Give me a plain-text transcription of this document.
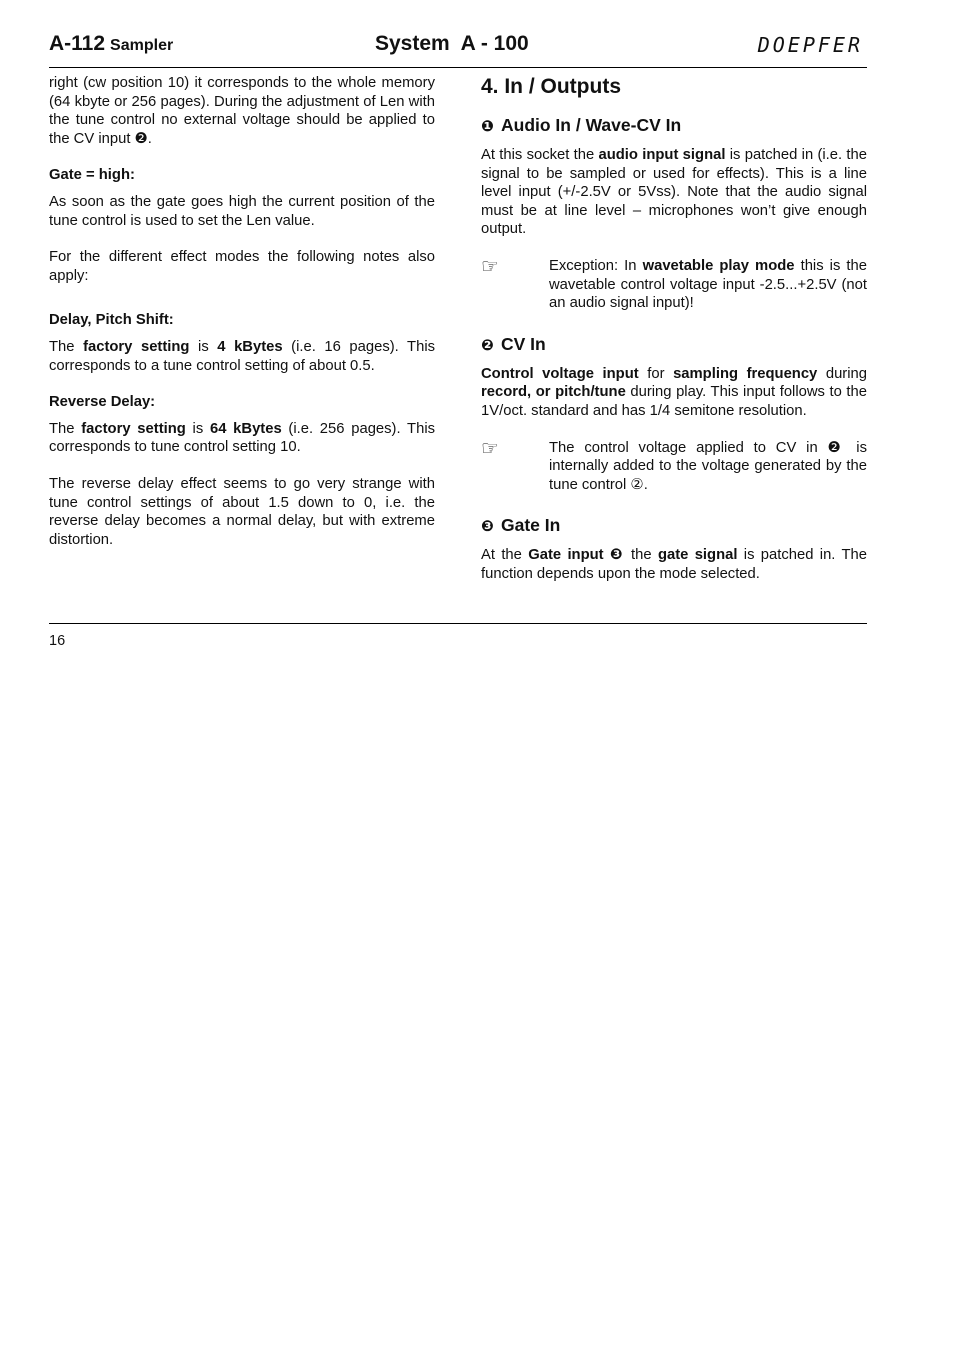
A-112 Sampler	System  A - 100	DOEPFER

right (cw position 10) it corresponds to the whole memory (64 kbyte or 256 pages). During the adjustment of Len with the tune control no external voltage should be applied to the CV input ❷.

Gate = high:

As soon as the gate goes high the current position of the tune control is used to set the Len value.

For the different effect modes the following notes also apply:

Delay, Pitch Shift:

The factory setting is 4 kBytes (i.e. 16 pages). This corresponds to a tune control setting of about 0.5.

Reverse Delay:

The factory setting is 64 kBytes (i.e. 256 pages). This corresponds to tune control setting 10.

The reverse delay effect seems to go very strange with tune control settings of about 1.5 down to 0, i.e. the reverse delay becomes a normal delay, but with extreme distortion.

4. In / Outputs
❶ Audio In / Wave-CV In

At this socket the audio input signal is patched in (i.e. the signal to be sampled or used for effects). This is a line level input (+/-2.5V or 5Vss). Note that the audio signal must be at line level – microphones won’t give enough output.

☞	Exception: In wavetable play mode this is the wavetable control voltage input -2.5...+2.5V (not an audio signal input)!

❷ CV In

Control voltage input for sampling frequency during record, or pitch/tune during play. This input follows to the 1V/oct. standard and has 1/4 semitone resolution.

☞	The control voltage applied to CV in ❷ is internally added to the voltage generated by the tune control ②.

❸ Gate In

At the Gate input ❸ the gate signal is patched in. The function depends upon the mode selected.

16
